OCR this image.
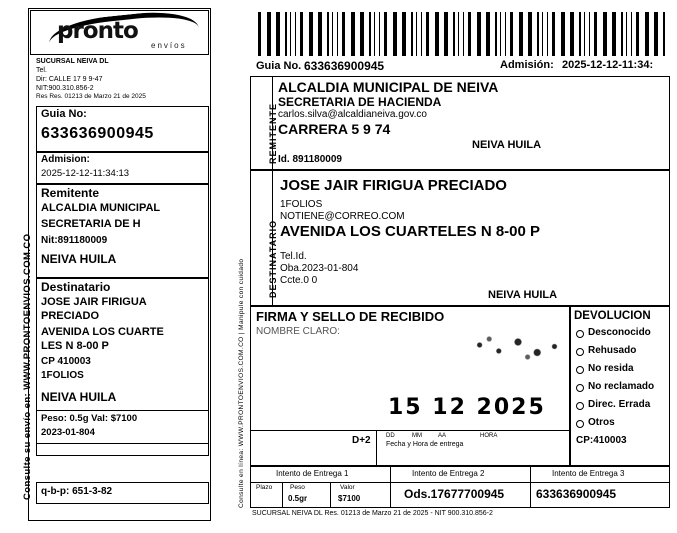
pronto
envíos
SUCURSAL NEIVA DL
Tel.
Dir: CALLE 17 9 9-47
NIT:900.310.856-2
Res Res. 01213 de Marzo 21 de 2025
Guia No:
633636900945
Admision:
2025-12-12-11:34:13
Remitente
ALCALDIA MUNICIPAL
SECRETARIA DE H
Nit:891180009
NEIVA HUILA
Destinatario
JOSE JAIR FIRIGUA
PRECIADO
AVENIDA LOS CUARTE
LES N 8-00 P
CP 410003
1FOLIOS
NEIVA HUILA
Peso: 0.5g Val: $7100
2023-01-804
q-b-p: 651-3-82
Consulte su envío en: WWW.PRONTOENVIOS.COM.CO
Guia No. 633636900945	Admisión: 2025-12-12-11:34:
REMITENTE
ALCALDIA MUNICIPAL DE NEIVA
SECRETARIA DE HACIENDA
carlos.silva@alcaldianeiva.gov.co
CARRERA 5 9 74
NEIVA HUILA
Id. 891180009
DESTINATARIO
JOSE JAIR FIRIGUA PRECIADO
1FOLIOS
NOTIENE@CORREO.COM
AVENIDA LOS CUARTELES N 8-00 P
Tel.Id.
Oba.2023-01-804
Ccte.0 0
NEIVA HUILA
FIRMA Y SELLO DE RECIBIDO
NOMBRE CLARO:
15 12 2025
D+2	DD	MM	AA	HORA
Fecha y Hora de entrega
DEVOLUCION
Desconocido
Rehusado
No resida
No reclamado
Direc. Errada
Otros
CP:410003
Intento de Entrega 1	Intento de Entrega 2	Intento de Entrega 3
Plazo	Peso	Valor
0.5gr	$7100	Ods.17677700945	633636900945
SUCURSAL NEIVA DL Res. 01213 de Marzo 21 de 2025 - NIT 900.310.856-2
Consulte en línea: WWW.PRONTOENVIOS.COM.CO | Manipule con cuidado
